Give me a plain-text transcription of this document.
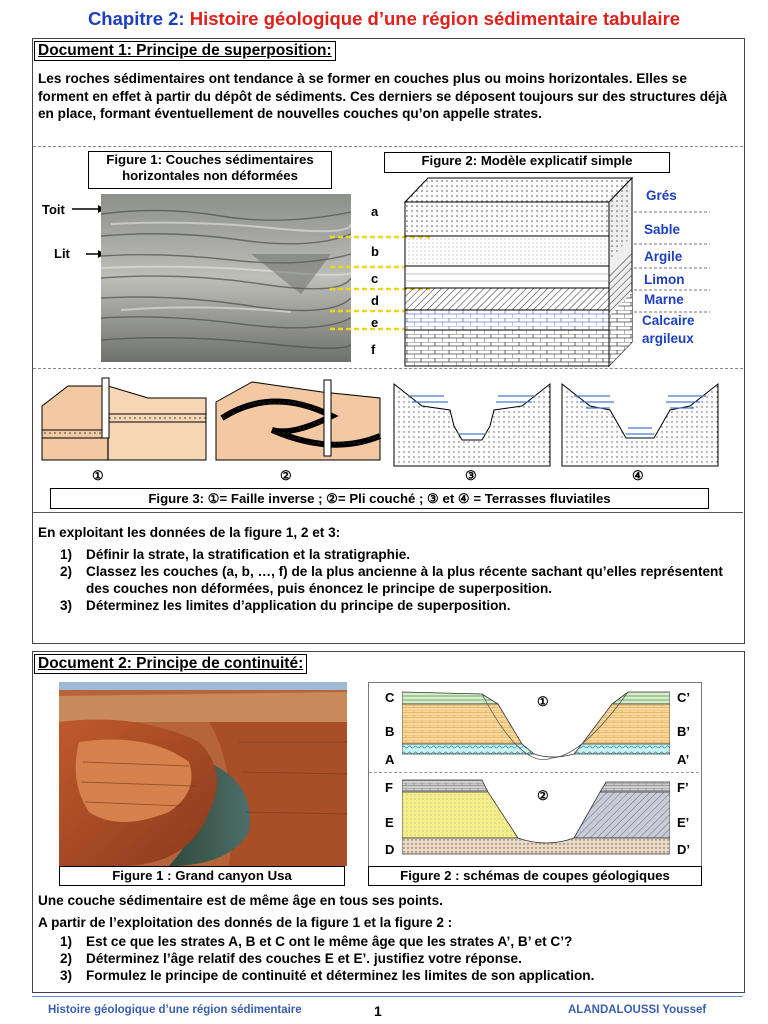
Chapitre 2: Histoire géologique d’une région sédimentaire tabulaire
Document 1: Principe de superposition:
Les roches sédimentaires ont tendance à se former en couches plus ou moins horizontales. Elles se forment en effet à partir du dépôt de sédiments. Ces derniers se déposent toujours sur des structures déjà en place, formant éventuellement de nouvelles couches qu’on appelle strates.
Figure 1: Couches sédimentaires
horizontales non déformées
Figure 2: Modèle explicatif simple
Toit
Lit
a
b
c
d
e
f
Grés
Sable
Argile
Limon
Marne
Calcaire
argileux
①	②	③	④
Figure 3: ①= Faille inverse ; ②= Pli couché ; ③ et ④ = Terrasses fluviatiles
En exploitant les données de la figure 1, 2 et 3:
1) Définir la strate, la stratification et la stratigraphie.
2) Classez les couches (a, b, …, f) de la plus ancienne à la plus récente sachant qu’elles représentent des couches non déformées, puis énoncez le principe de superposition.
3) Déterminez les limites d’application du principe de superposition.
Document 2: Principe de continuité:
C
B
A
C’
B’
A’
①
F
E
D
F’
E’
D’
②
Figure 1 : Grand canyon Usa	Figure 2 : schémas de coupes géologiques
Une couche sédimentaire est de même âge en tous ses points.
A partir de l’exploitation des donnés de la figure 1 et la figure 2 :
1) Est ce que les strates A, B et C ont le même âge que les strates A’, B’ et C’?
2) Déterminez l’âge relatif des couches E et E’. justifiez votre réponse.
3) Formulez le principe de continuité et déterminez les limites de son application.
Histoire géologique d’une région sédimentaire	1	ALANDALOUSSI Youssef
